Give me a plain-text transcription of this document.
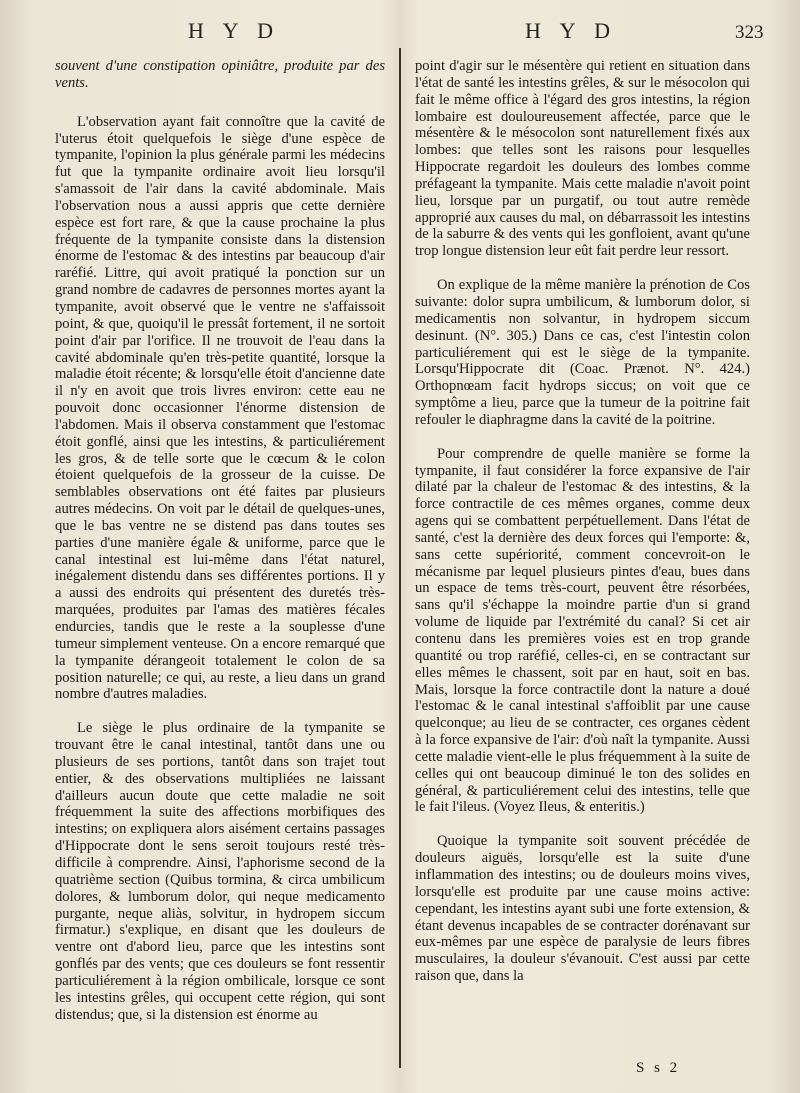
H Y D	H Y D	323

souvent d'une constipation opiniâtre, produite par des vents.

L'observation ayant fait connoître que la cavité de l'uterus étoit quelquefois le siège d'une espèce de tympanite, l'opinion la plus générale parmi les médecins fut que la tympanite ordinaire avoit lieu lorsqu'il s'amassoit de l'air dans la cavité abdominale. Mais l'observation nous a aussi appris que cette dernière espèce est fort rare, & que la cause prochaine la plus fréquente de la tympanite consiste dans la distension énorme de l'estomac & des intestins par beaucoup d'air raréfié. Littre, qui avoit pratiqué la ponction sur un grand nombre de cadavres de personnes mortes ayant la tympanite, avoit observé que le ventre ne s'affaissoit point, & que, quoiqu'il le pressât fortement, il ne sortoit point d'air par l'orifice. Il ne trouvoit de l'eau dans la cavité abdominale qu'en très-petite quantité, lorsque la maladie étoit récente; & lorsqu'elle étoit d'ancienne date il n'y en avoit que trois livres environ: cette eau ne pouvoit donc occasionner l'énorme distension de l'abdomen. Mais il observa constamment que l'estomac étoit gonflé, ainsi que les intestins, & particuliérement les gros, & de telle sorte que le cœcum & le colon étoient quelquefois de la grosseur de la cuisse. De semblables observations ont été faites par plusieurs autres médecins. On voit par le détail de quelques-unes, que le bas ventre ne se distend pas dans toutes ses parties d'une manière égale & uniforme, parce que le canal intestinal est lui-même dans l'état naturel, inégalement distendu dans ses différentes portions. Il y a aussi des endroits qui présentent des duretés très-marquées, produites par l'amas des matières fécales endurcies, tandis que le reste a la souplesse d'une tumeur simplement venteuse. On a encore remarqué que la tympanite dérangeoit totalement le colon de sa position naturelle; ce qui, au reste, a lieu dans un grand nombre d'autres maladies.

Le siège le plus ordinaire de la tympanite se trouvant être le canal intestinal, tantôt dans une ou plusieurs de ses portions, tantôt dans son trajet tout entier, & des observations multipliées ne laissant d'ailleurs aucun doute que cette maladie ne soit fréquemment la suite des affections morbifiques des intestins; on expliquera alors aisément certains passages d'Hippocrate dont le sens seroit toujours resté très-difficile à comprendre. Ainsi, l'aphorisme second de la quatrième section (Quibus tormina, & circa umbilicum dolores, & lumborum dolor, qui neque medicamento purgante, neque aliàs, solvitur, in hydropem siccum firmatur.) s'explique, en disant que les douleurs de ventre ont d'abord lieu, parce que les intestins sont gonflés par des vents; que ces douleurs se font ressentir particuliérement à la région ombilicale, lorsque ce sont les intestins grêles, qui occupent cette région, qui sont distendus; que, si la distension est énorme au

point d'agir sur le mésentère qui retient en situation dans l'état de santé les intestins grêles, & sur le mésocolon qui fait le même office à l'égard des gros intestins, la région lombaire est douloureusement affectée, parce que le mésentère & le mésocolon sont naturellement fixés aux lombes: que telles sont les raisons pour lesquelles Hippocrate regardoit les douleurs des lombes comme préfageant la tympanite. Mais cette maladie n'avoit point lieu, lorsque par un purgatif, ou tout autre remède approprié aux causes du mal, on débarrassoit les intestins de la saburre & des vents qui les gonfloient, avant qu'une trop longue distension leur eût fait perdre leur ressort.

On explique de la même manière la prénotion de Cos suivante: dolor supra umbilicum, & lumborum dolor, si medicamentis non solvantur, in hydropem siccum desinunt. (N°. 305.) Dans ce cas, c'est l'intestin colon particuliérement qui est le siège de la tympanite. Lorsqu'Hippocrate dit (Coac. Prænot. N°. 424.) Orthopnœam facit hydrops siccus; on voit que ce symptôme a lieu, parce que la tumeur de la poitrine fait refouler le diaphragme dans la cavité de la poitrine.

Pour comprendre de quelle manière se forme la tympanite, il faut considérer la force expansive de l'air dilaté par la chaleur de l'estomac & des intestins, & la force contractile de ces mêmes organes, comme deux agens qui se combattent perpétuellement. Dans l'état de santé, c'est la dernière des deux forces qui l'emporte: &, sans cette supériorité, comment concevroit-on le mécanisme par lequel plusieurs pintes d'eau, bues dans un espace de tems très-court, peuvent être résorbées, sans qu'il s'échappe la moindre partie d'un si grand volume de liquide par l'extrémité du canal? Si cet air contenu dans les premières voies est en trop grande quantité ou trop raréfié, celles-ci, en se contractant sur elles mêmes le chassent, soit par en haut, soit en bas. Mais, lorsque la force contractile dont la nature a doué l'estomac & le canal intestinal s'affoiblit par une cause quelconque; au lieu de se contracter, ces organes cèdent à la force expansive de l'air: d'où naît la tympanite. Aussi cette maladie vient-elle le plus fréquemment à la suite de celles qui ont beaucoup diminué le ton des solides en général, & particuliérement celui des intestins, telle que le fait l'ileus. (Voyez Ileus, & enteritis.)

Quoique la tympanite soit souvent précédée de douleurs aiguës, lorsqu'elle est la suite d'une inflammation des intestins; ou de douleurs moins vives, lorsqu'elle est produite par une cause moins active: cependant, les intestins ayant subi une forte extension, & étant devenus incapables de se contracter dorénavant sur eux-mêmes par une espèce de paralysie de leurs fibres musculaires, la douleur s'évanouit. C'est aussi par cette raison que, dans la

S s 2
